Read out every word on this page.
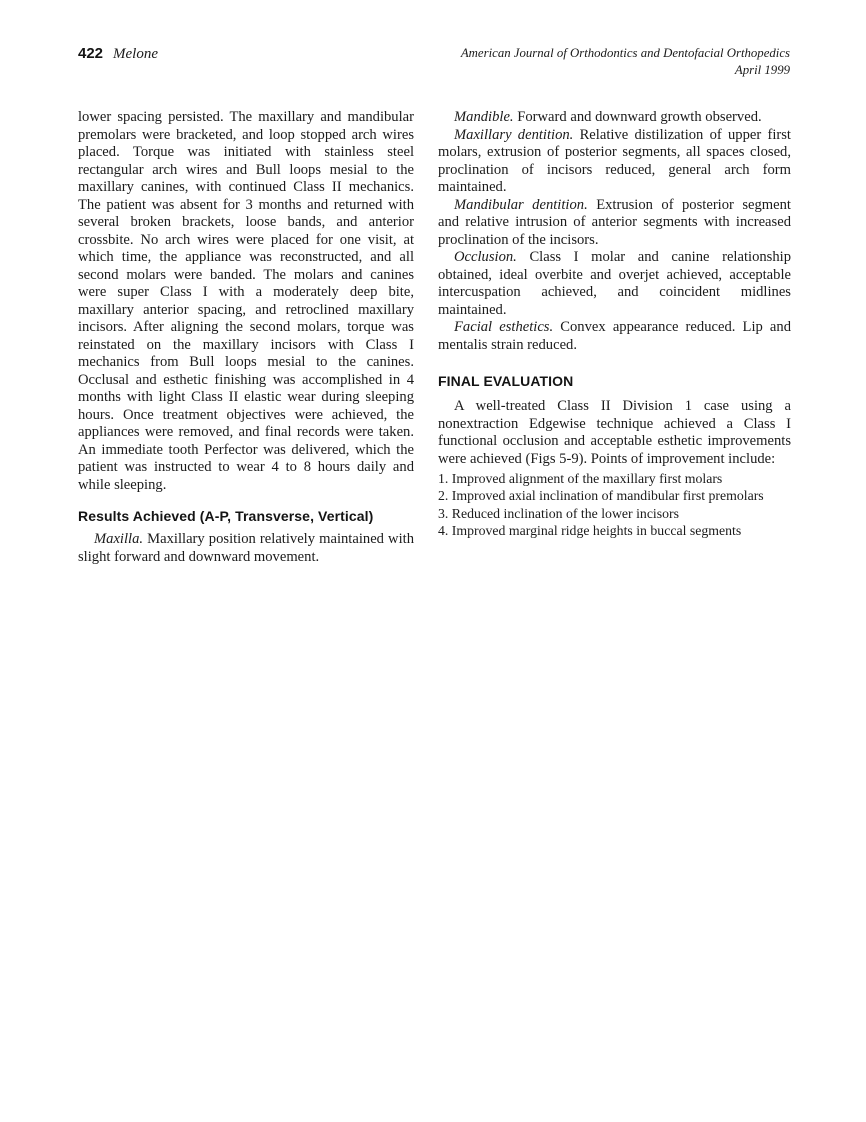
422 Melone	American Journal of Orthodontics and Dentofacial Orthopedics
April 1999

lower spacing persisted. The maxillary and mandibular premolars were bracketed, and loop stopped arch wires placed. Torque was initiated with stainless steel rectangular arch wires and Bull loops mesial to the maxillary canines, with continued Class II mechanics. The patient was absent for 3 months and returned with several broken brackets, loose bands, and anterior crossbite. No arch wires were placed for one visit, at which time, the appliance was reconstructed, and all second molars were banded. The molars and canines were super Class I with a moderately deep bite, maxillary anterior spacing, and retroclined maxillary incisors. After aligning the second molars, torque was reinstated on the maxillary incisors with Class I mechanics from Bull loops mesial to the canines. Occlusal and esthetic finishing was accomplished in 4 months with light Class II elastic wear during sleeping hours. Once treatment objectives were achieved, the appliances were removed, and final records were taken. An immediate tooth Perfector was delivered, which the patient was instructed to wear 4 to 8 hours daily and while sleeping.

Results Achieved (A-P, Transverse, Vertical)

Maxilla. Maxillary position relatively maintained with slight forward and downward movement.

Mandible. Forward and downward growth observed.

Maxillary dentition. Relative distilization of upper first molars, extrusion of posterior segments, all spaces closed, proclination of incisors reduced, general arch form maintained.

Mandibular dentition. Extrusion of posterior segment and relative intrusion of anterior segments with increased proclination of the incisors.

Occlusion. Class I molar and canine relationship obtained, ideal overbite and overjet achieved, acceptable intercuspation achieved, and coincident midlines maintained.

Facial esthetics. Convex appearance reduced. Lip and mentalis strain reduced.

FINAL EVALUATION

A well-treated Class II Division 1 case using a nonextraction Edgewise technique achieved a Class I functional occlusion and acceptable esthetic improvements were achieved (Figs 5-9). Points of improvement include:

1. Improved alignment of the maxillary first molars
2. Improved axial inclination of mandibular first premolars
3. Reduced inclination of the lower incisors
4. Improved marginal ridge heights in buccal segments
